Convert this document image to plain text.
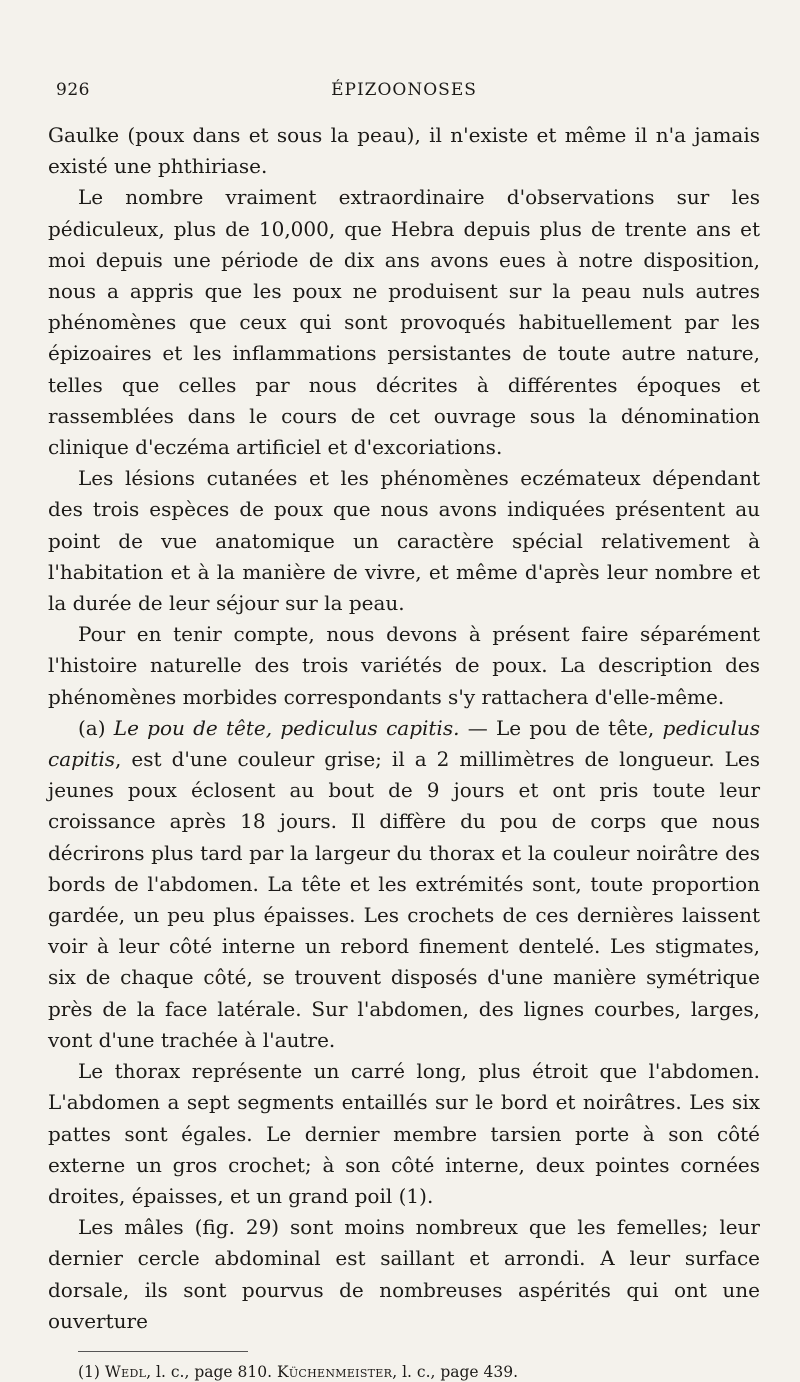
926	ÉPIZOONOSES

Gaulke (poux dans et sous la peau), il n'existe et même il n'a jamais existé une phthiriase.

Le nombre vraiment extraordinaire d'observations sur les pédiculeux, plus de 10,000, que Hebra depuis plus de trente ans et moi depuis une période de dix ans avons eues à notre disposition, nous a appris que les poux ne produisent sur la peau nuls autres phénomènes que ceux qui sont provoqués habituellement par les épizoaires et les inflammations persistantes de toute autre nature, telles que celles par nous décrites à différentes époques et rassemblées dans le cours de cet ouvrage sous la dénomination clinique d'eczéma artificiel et d'excoriations.

Les lésions cutanées et les phénomènes eczémateux dépendant des trois espèces de poux que nous avons indiquées présentent au point de vue anatomique un caractère spécial relativement à l'habitation et à la manière de vivre, et même d'après leur nombre et la durée de leur séjour sur la peau.

Pour en tenir compte, nous devons à présent faire séparément l'histoire naturelle des trois variétés de poux. La description des phénomènes morbides correspondants s'y rattachera d'elle-même.

(a) Le pou de tête, pediculus capitis. — Le pou de tête, pediculus capitis, est d'une couleur grise; il a 2 millimètres de longueur. Les jeunes poux éclosent au bout de 9 jours et ont pris toute leur croissance après 18 jours. Il diffère du pou de corps que nous décrirons plus tard par la largeur du thorax et la couleur noirâtre des bords de l'abdomen. La tête et les extrémités sont, toute proportion gardée, un peu plus épaisses. Les crochets de ces dernières laissent voir à leur côté interne un rebord finement dentelé. Les stigmates, six de chaque côté, se trouvent disposés d'une manière symétrique près de la face latérale. Sur l'abdomen, des lignes courbes, larges, vont d'une trachée à l'autre.

Le thorax représente un carré long, plus étroit que l'abdomen. L'abdomen a sept segments entaillés sur le bord et noirâtres. Les six pattes sont égales. Le dernier membre tarsien porte à son côté externe un gros crochet; à son côté interne, deux pointes cornées droites, épaisses, et un grand poil (1).

Les mâles (fig. 29) sont moins nombreux que les femelles; leur dernier cercle abdominal est saillant et arrondi. A leur surface dorsale, ils sont pourvus de nombreuses aspérités qui ont une ouverture

(1) Wedl, l. c., page 810. Küchenmeister, l. c., page 439.
